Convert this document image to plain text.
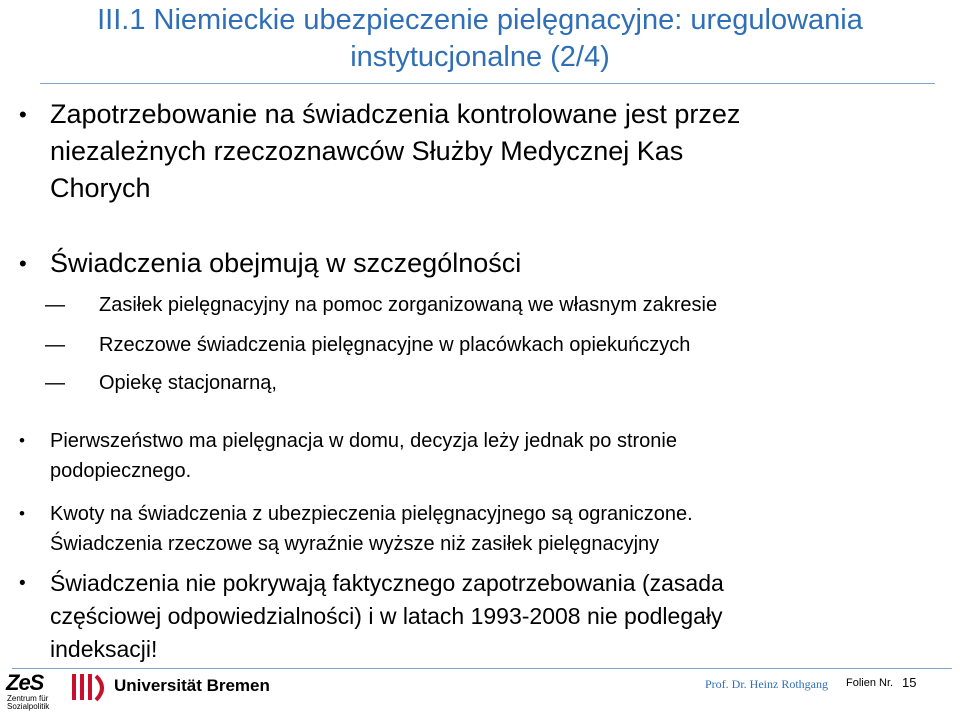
III.1 Niemieckie ubezpieczenie pielęgnacyjne: uregulowania
instytucjonalne (2/4)
• Zapotrzebowanie na świadczenia kontrolowane jest przez
niezależnych rzeczoznawców Służby Medycznej Kas
Chorych
• Świadczenia obejmują w szczególności
— Zasiłek pielęgnacyjny na pomoc zorganizowaną we własnym zakresie
— Rzeczowe świadczenia pielęgnacyjne w placówkach opiekuńczych
— Opiekę stacjonarną,
• Pierwszeństwo ma pielęgnacja w domu, decyzja leży jednak po stronie
podopiecznego.
• Kwoty na świadczenia z ubezpieczenia pielęgnacyjnego są ograniczone.
Świadczenia rzeczowe są wyraźnie wyższe niż zasiłek pielęgnacyjny
• Świadczenia nie pokrywają faktycznego zapotrzebowania (zasada
częściowej odpowiedzialności) i w latach 1993-2008 nie podlegały
indeksacji!
ZeS
Zentrum für
Sozialpolitik
Universität Bremen	Prof. Dr. Heinz Rothgang Folien Nr. 15
